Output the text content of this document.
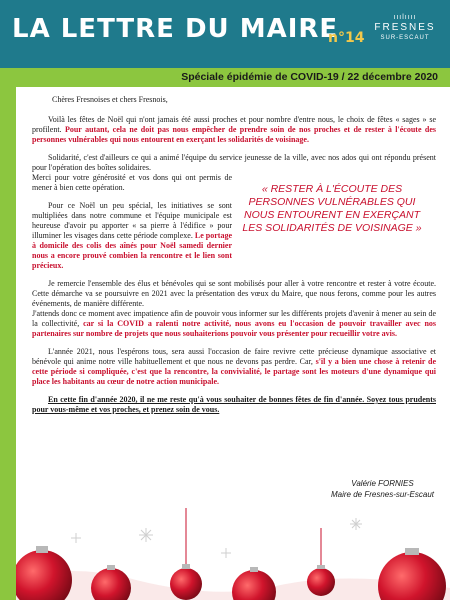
LA LETTRE DU MAIRE
n°14
ııılıııı
FRESNES
SUR-ESCAUT
Spéciale épidémie de COVID-19 / 22 décembre 2020

Chères Fresnoises et chers Fresnois,

Voilà les fêtes de Noël qui n'ont jamais été aussi proches et pour nombre d'entre nous, le choix de fêtes « sages » se profilent. Pour autant, cela ne doit pas nous empêcher de prendre soin de nos proches et de rester à l'écoute des personnes vulnérables qui nous entourent en exerçant les solidarités de voisinage.

Solidarité, c'est d'ailleurs ce qui a animé l'équipe du service jeunesse de la ville, avec nos ados qui ont répondu présent pour l'opération des boîtes solidaires.

Merci pour votre générosité et vos dons qui ont permis de mener à bien cette opération.

Pour ce Noël un peu spécial, les initiatives se sont multipliées dans notre commune et l'équipe municipale est heureuse d'avoir pu apporter « sa pierre à l'édifice » pour illuminer les visages dans cette période complexe. Le portage à domicile des colis des aînés pour Noël samedi dernier nous a encore prouvé combien la rencontre et le lien sont précieux.

Je remercie l'ensemble des élus et bénévoles qui se sont mobilisés pour aller à votre rencontre et rester à votre écoute. Cette démarche va se poursuivre en 2021 avec la présentation des vœux du Maire, que nous ferons, comme pour les autres événements, de manière différente.

J'attends donc ce moment avec impatience afin de pouvoir vous informer sur les différents projets d'avenir à mener au sein de la collectivité, car si la COVID a ralenti notre activité, nous avons eu l'occasion de pouvoir travailler avec nos partenaires sur nombre de projets que nous souhaiterions pouvoir vous présenter pour recueillir votre avis.

L'année 2021, nous l'espérons tous, sera aussi l'occasion de faire revivre cette précieuse dynamique associative et bénévole qui anime notre ville habituellement et que nous ne devons pas perdre. Car, s'il y a bien une chose à retenir de cette période si compliquée, c'est que la rencontre, la convivialité, le partage sont les moteurs d'une dynamique qui place les habitants au cœur de notre action municipale.

En cette fin d'année 2020, il ne me reste qu'à vous souhaiter de bonnes fêtes de fin d'année. Soyez tous prudents pour vous-même et vos proches, et prenez soin de vous.

« RESTER À L'ÉCOUTE DES PERSONNES VULNÉRABLES QUI NOUS ENTOURENT EN EXERÇANT LES SOLIDARITÉS DE VOISINAGE »
Valérie FORNIES
Maire de Fresnes-sur-Escaut
